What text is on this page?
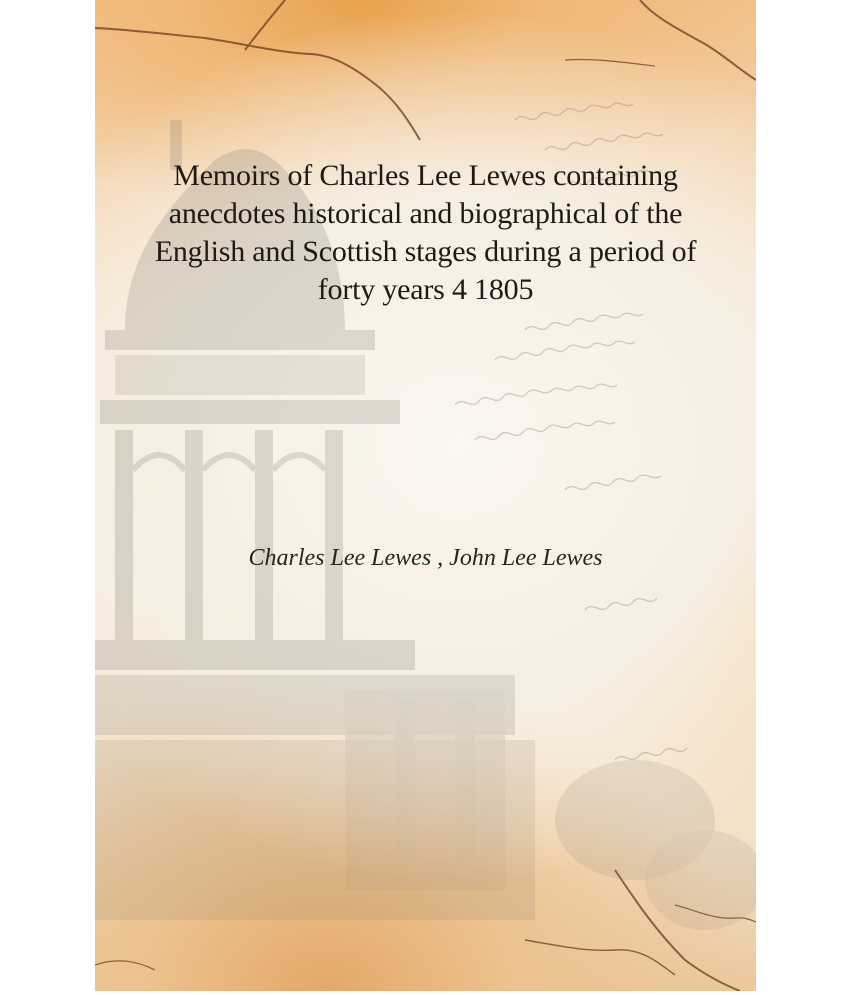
Memoirs of Charles Lee Lewes containing anecdotes historical and biographical of the English and Scottish stages during a period of forty years 4 1805
Charles Lee Lewes , John Lee Lewes
